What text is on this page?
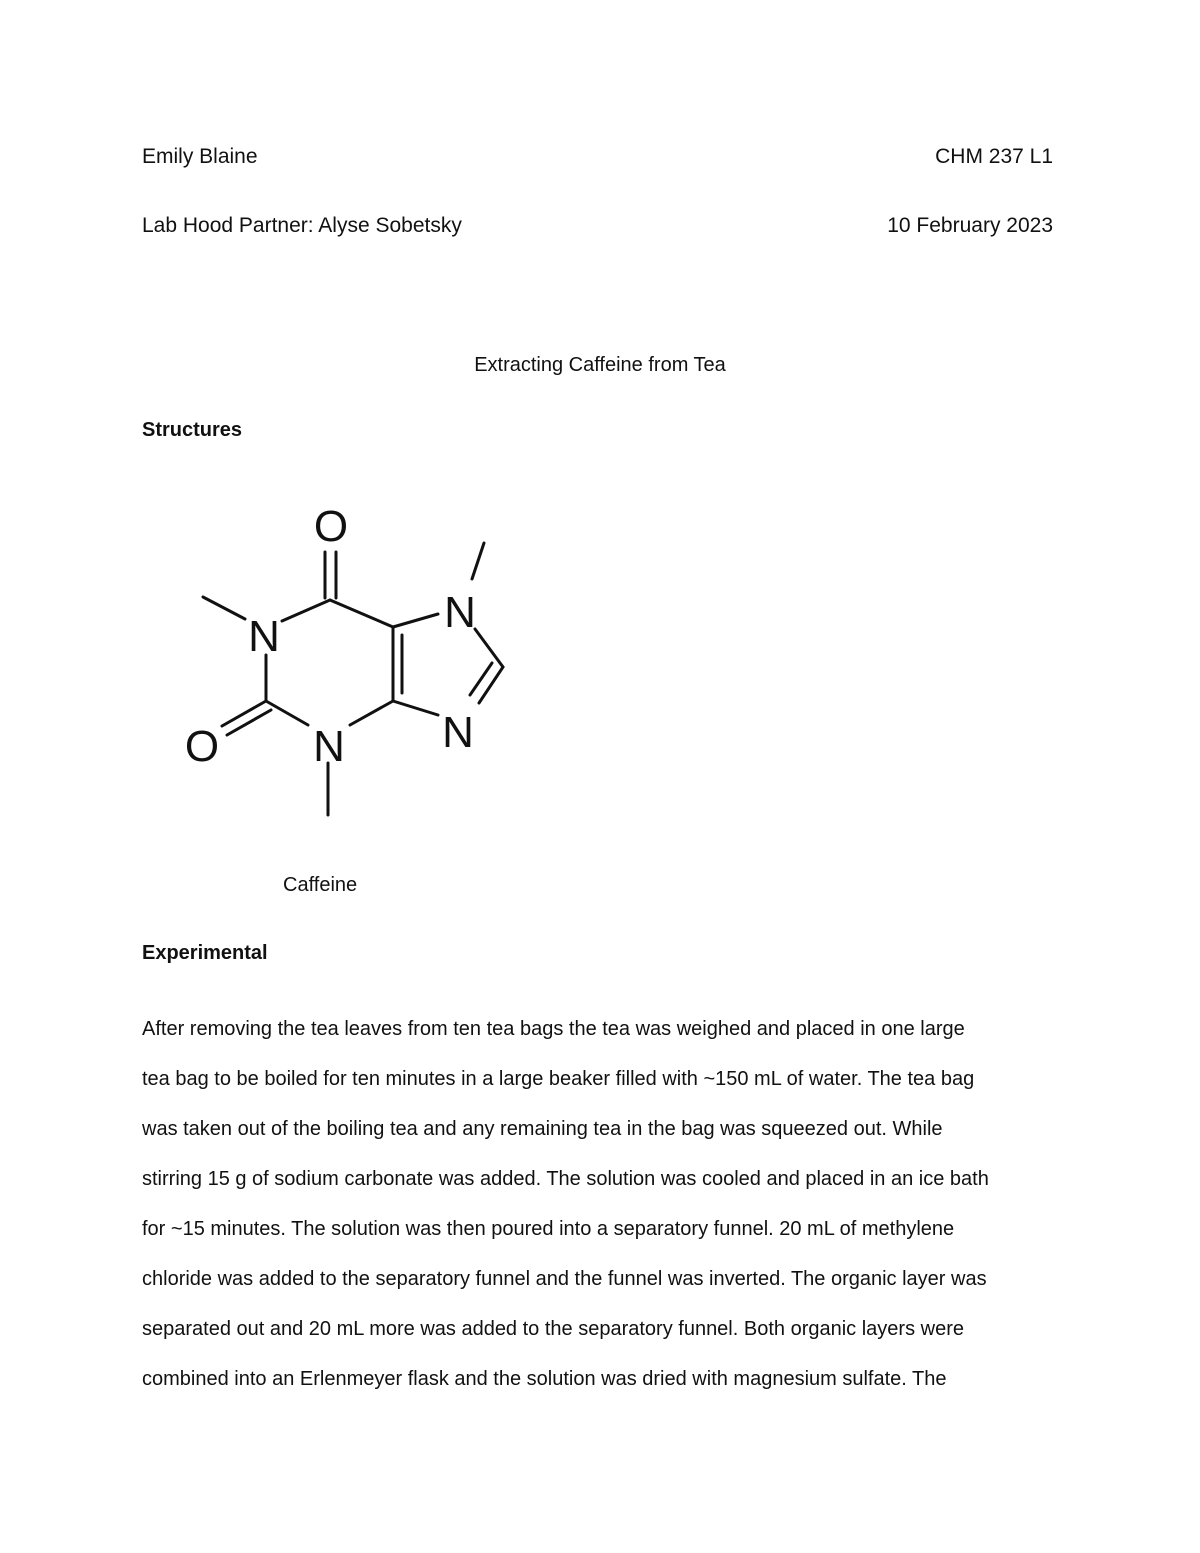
Emily Blaine	CHM 237 L1
Lab Hood Partner: Alyse Sobetsky	10 February 2023
Extracting Caffeine from Tea
Structures
O
O
N
N
N
N
Caffeine
Experimental
After removing the tea leaves from ten tea bags the tea was weighed and placed in one large
tea bag to be boiled for ten minutes in a large beaker filled with ~150 mL of water. The tea bag
was taken out of the boiling tea and any remaining tea in the bag was squeezed out. While
stirring 15 g of sodium carbonate was added. The solution was cooled and placed in an ice bath
for ~15 minutes. The solution was then poured into a separatory funnel. 20 mL of methylene
chloride was added to the separatory funnel and the funnel was inverted. The organic layer was
separated out and 20 mL more was added to the separatory funnel. Both organic layers were
combined into an Erlenmeyer flask and the solution was dried with magnesium sulfate. The
